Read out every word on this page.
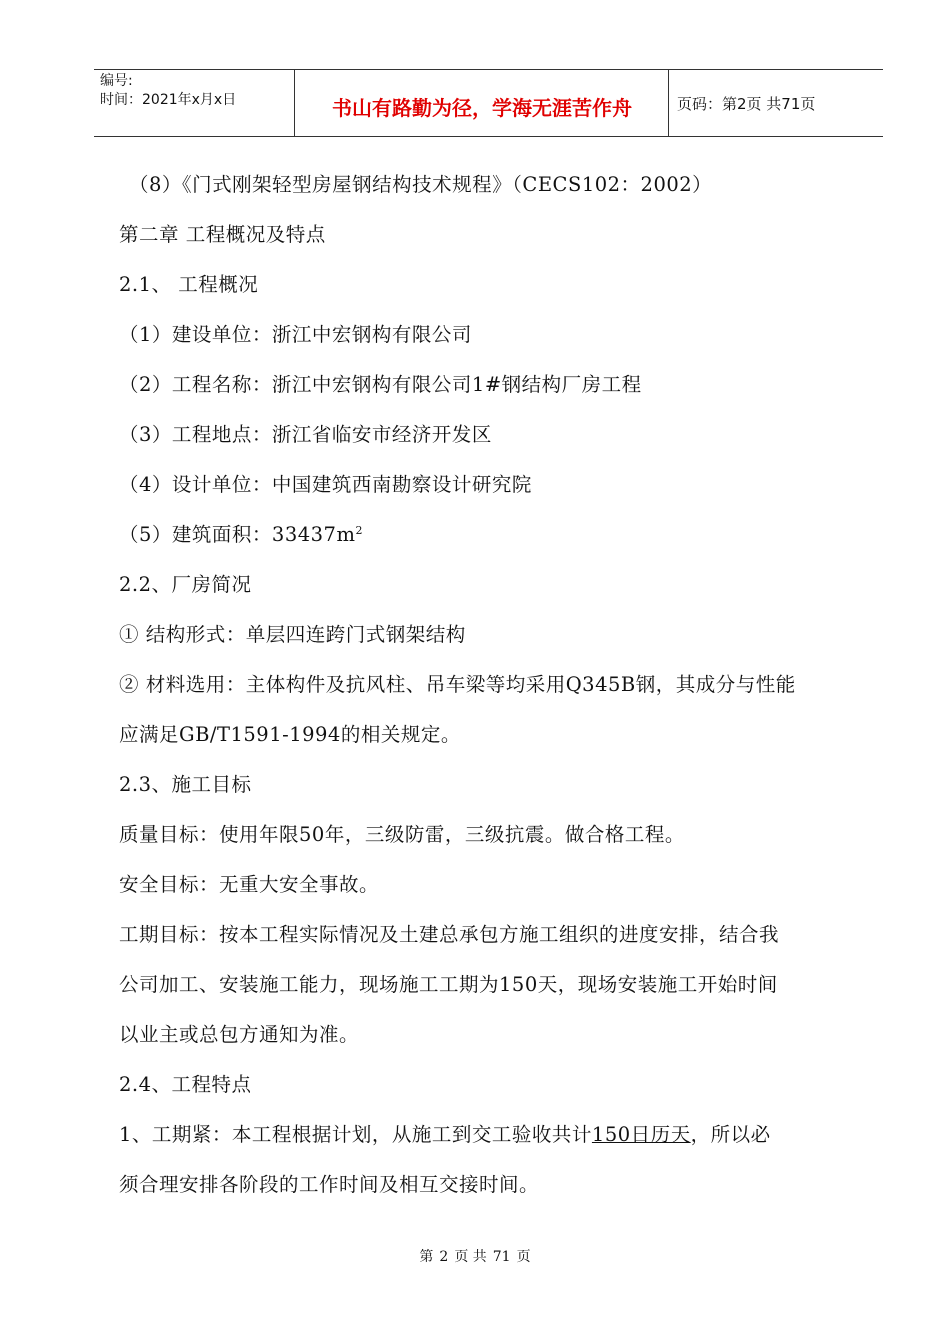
编号:
时间：2021年x月x日	书山有路勤为径，学海无涯苦作舟	页码：第2页 共71页
（8）《门式刚架轻型房屋钢结构技术规程》（CECS102：2002）
第二章 工程概况及特点
2.1、 工程概况
（1）建设单位：浙江中宏钢构有限公司
（2）工程名称：浙江中宏钢构有限公司1#钢结构厂房工程
（3）工程地点：浙江省临安市经济开发区
（4）设计单位：中国建筑西南勘察设计研究院
（5）建筑面积：$33437m^2$
2.2、厂房简况
① 结构形式：单层四连跨门式钢架结构
② 材料选用：主体构件及抗风柱、吊车梁等均采用Q345B钢，其成分与性能
应满足GB/T1591-1994的相关规定。
2.3、施工目标
质量目标：使用年限50年，三级防雷，三级抗震。做合格工程。
安全目标：无重大安全事故。
工期目标：按本工程实际情况及土建总承包方施工组织的进度安排，结合我
公司加工、安装施工能力，现场施工工期为150天，现场安装施工开始时间
以业主或总包方通知为准。
2.4、工程特点
1、工期紧：本工程根据计划，从施工到交工验收共计150日历天，所以必
须合理安排各阶段的工作时间及相互交接时间。
第 2 页 共 71 页
